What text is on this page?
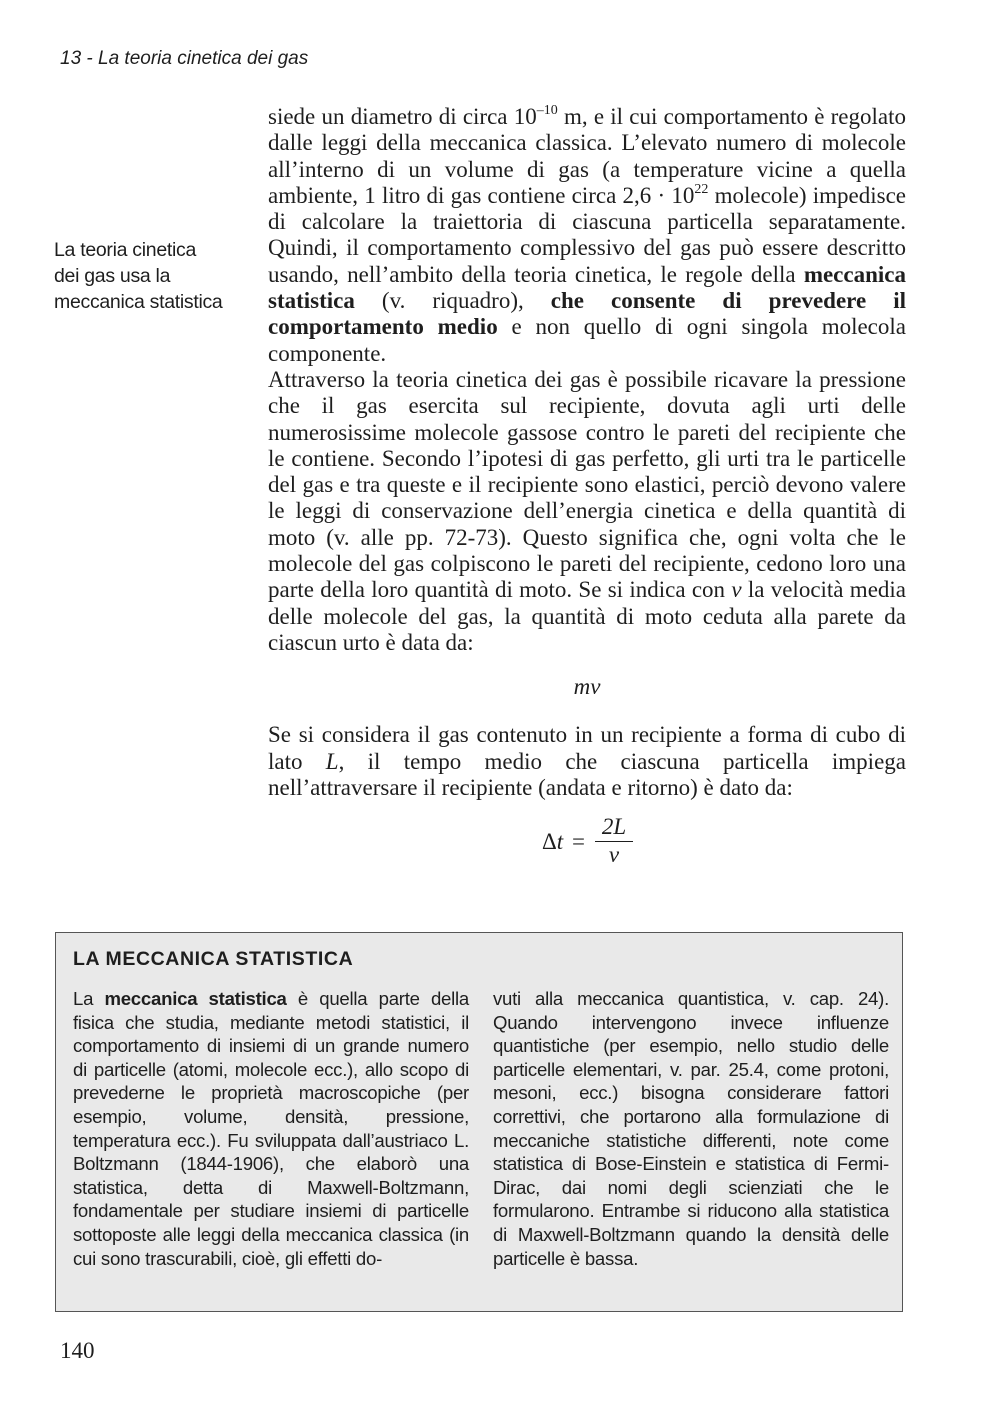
13 - La teoria cinetica dei gas
La teoria cinetica
dei gas usa la
meccanica statistica

siede un diametro di circa $10^{-10}$ m, e il cui comportamento è regolato dalle leggi della meccanica classica. L’elevato numero di molecole all’interno di un volume di gas (a temperature vicine a quella ambiente, 1 litro di gas contiene circa $2,6 \cdot 10^{22}$ molecole) impedisce di calcolare la traiettoria di ciascuna particella separatamente. Quindi, il comportamento complessivo del gas può essere descritto usando, nell’ambito della teoria cinetica, le regole della meccanica statistica (v. riquadro), che consente di prevedere il comportamento medio e non quello di ogni singola molecola componente.

Attraverso la teoria cinetica dei gas è possibile ricavare la pressione che il gas esercita sul recipiente, dovuta agli urti delle numerosissime molecole gassose contro le pareti del recipiente che le contiene. Secondo l’ipotesi di gas perfetto, gli urti tra le particelle del gas e tra queste e il recipiente sono elastici, perciò devono valere le leggi di conservazione dell’energia cinetica e della quantità di moto (v. alle pp. 72-73). Questo significa che, ogni volta che le molecole del gas colpiscono le pareti del recipiente, cedono loro una parte della loro quantità di moto. Se si indica con v la velocità media delle molecole del gas, la quantità di moto ceduta alla parete da ciascun urto è data da:

mv

Se si considera il gas contenuto in un recipiente a forma di cubo di lato L, il tempo medio che ciascuna particella impiega nell’attraversare il recipiente (andata e ritorno) è dato da:

$\Delta t = \frac{2L}{v}$
LA MECCANICA STATISTICA

La meccanica statistica è quella parte della fisica che studia, mediante metodi statistici, il comportamento di insiemi di un grande numero di particelle (atomi, molecole ecc.), allo scopo di prevederne le proprietà macroscopiche (per esempio, volume, densità, pressione, temperatura ecc.). Fu sviluppata dall’austriaco L. Boltzmann (1844-1906), che elaborò una statistica, detta di Maxwell-Boltzmann, fondamentale per studiare insiemi di particelle sottoposte alle leggi della meccanica classica (in cui sono trascurabili, cioè, gli effetti do-

vuti alla meccanica quantistica, v. cap. 24). Quando intervengono invece influenze quantistiche (per esempio, nello studio delle particelle elementari, v. par. 25.4, come protoni, mesoni, ecc.) bisogna considerare fattori correttivi, che portarono alla formulazione di meccaniche statistiche differenti, note come statistica di Bose-Einstein e statistica di Fermi-Dirac, dai nomi degli scienziati che le formularono. Entrambe si riducono alla statistica di Maxwell-Boltzmann quando la densità delle particelle è bassa.

140
